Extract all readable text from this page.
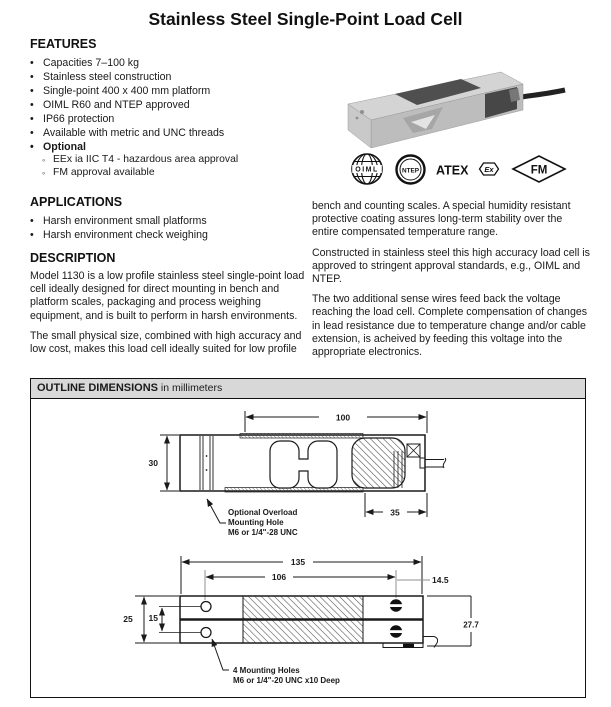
Stainless Steel Single-Point Load Cell
FEATURES
• Capacities 7–100 kg
• Stainless steel construction
• Single-point 400 x 400 mm platform
• OIML R60 and NTEP approved
• IP66 protection
• Available with metric and UNC threads
• Optional
◦ EEx ia IIC T4 - hazardous area approval
◦ FM approval available
APPLICATIONS
• Harsh environment small platforms
• Harsh environment check weighing
DESCRIPTION

Model 1130 is a low profile stainless steel single-point load cell ideally designed for direct mounting in bench and platform scales, packaging and process weighing equipment, and is built to perform in harsh environments.

The small physical size, combined with high accuracy and low cost, makes this load cell ideally suited for low profile

bench and counting scales. A special humidity resistant protective coating assures long-term stability over the entire compensated temperature range.

Constructed in stainless steel this high accuracy load cell is approved to stringent approval standards, e.g., OIML and NTEP.

The two additional sense wires feed back the voltage reaching the load cell. Complete compensation of changes in lead resistance due to temperature change and/or cable extension, is acheived by feeding this voltage into the appropriate electronics.

OIML	NTEP ATEX Ex	FM
OUTLINE DIMENSIONS in millimeters
100
30
35
Optional Overload
Mounting Hole
M6 or 1/4"-28 UNC
135
106	14.5
25 15
27.7
4 Mounting Holes
M6 or 1/4"-20 UNC x10 Deep
